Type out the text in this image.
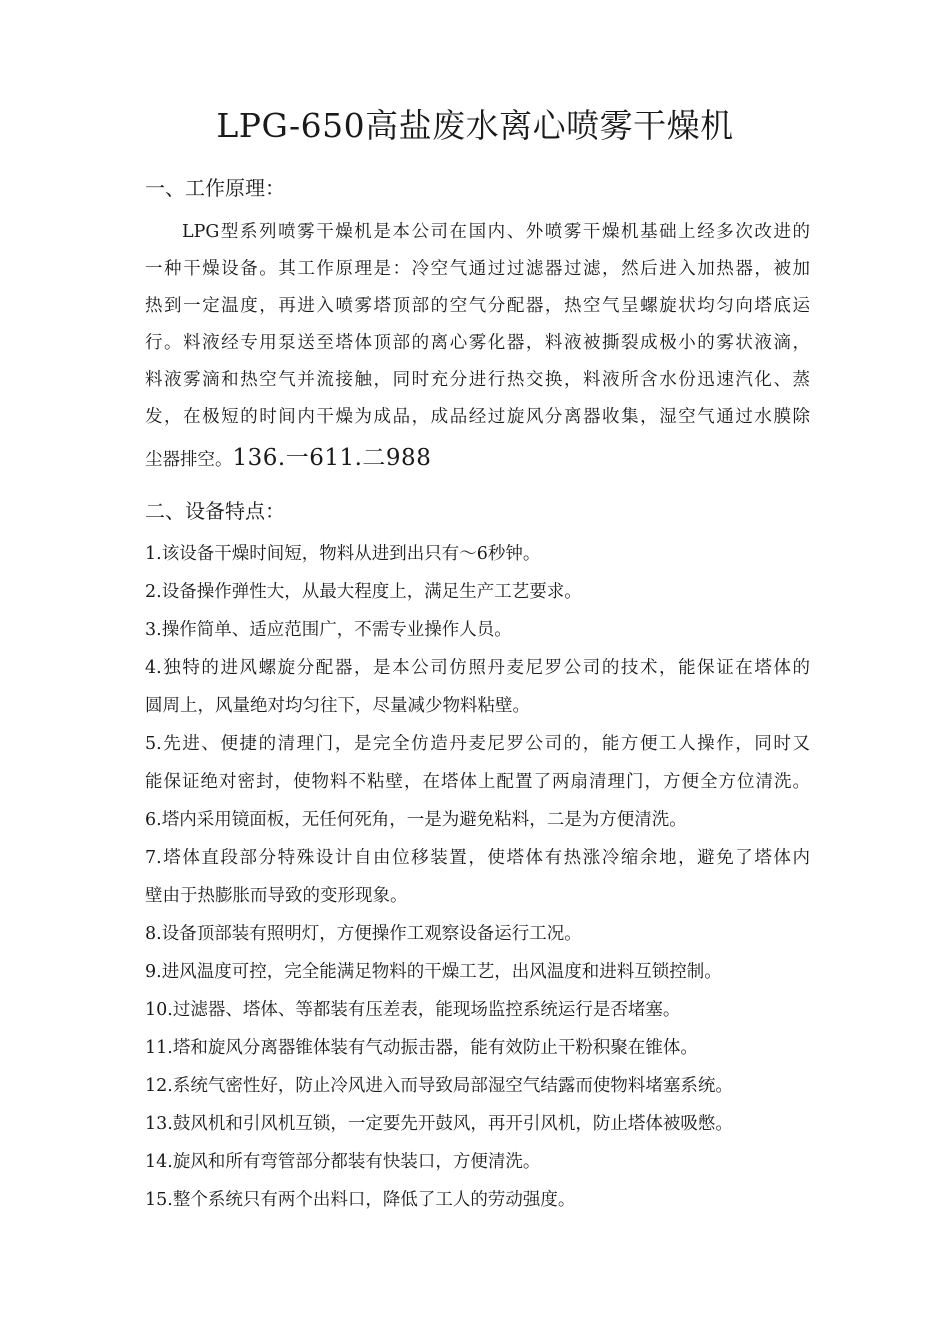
LPG-650高盐废水离心喷雾干燥机
一、工作原理：
LPG型系列喷雾干燥机是本公司在国内、外喷雾干燥机基础上经多次改进的
一种干燥设备。其工作原理是：冷空气通过过滤器过滤，然后进入加热器，被加
热到一定温度，再进入喷雾塔顶部的空气分配器，热空气呈螺旋状均匀向塔底运
行。料液经专用泵送至塔体顶部的离心雾化器，料液被撕裂成极小的雾状液滴，
料液雾滴和热空气并流接触，同时充分进行热交换，料液所含水份迅速汽化、蒸
发，在极短的时间内干燥为成品，成品经过旋风分离器收集，湿空气通过水膜除
尘器排空。136.一611.二988
二、设备特点：
1.该设备干燥时间短，物料从进到出只有～6秒钟。
2.设备操作弹性大，从最大程度上，满足生产工艺要求。
3.操作简单、适应范围广，不需专业操作人员。
4.独特的进风螺旋分配器，是本公司仿照丹麦尼罗公司的技术，能保证在塔体的
圆周上，风量绝对均匀往下，尽量减少物料粘壁。
5.先进、便捷的清理门，是完全仿造丹麦尼罗公司的，能方便工人操作，同时又
能保证绝对密封，使物料不粘壁，在塔体上配置了两扇清理门，方便全方位清洗。
6.塔内采用镜面板，无任何死角，一是为避免粘料，二是为方便清洗。
7.塔体直段部分特殊设计自由位移装置，使塔体有热涨冷缩余地，避免了塔体内
壁由于热膨胀而导致的变形现象。
8.设备顶部装有照明灯，方便操作工观察设备运行工况。
9.进风温度可控，完全能满足物料的干燥工艺，出风温度和进料互锁控制。
10.过滤器、塔体、等都装有压差表，能现场监控系统运行是否堵塞。
11.塔和旋风分离器锥体装有气动振击器，能有效防止干粉积聚在锥体。
12.系统气密性好，防止冷风进入而导致局部湿空气结露而使物料堵塞系统。
13.鼓风机和引风机互锁，一定要先开鼓风，再开引风机，防止塔体被吸憋。
14.旋风和所有弯管部分都装有快装口，方便清洗。
15.整个系统只有两个出料口，降低了工人的劳动强度。
